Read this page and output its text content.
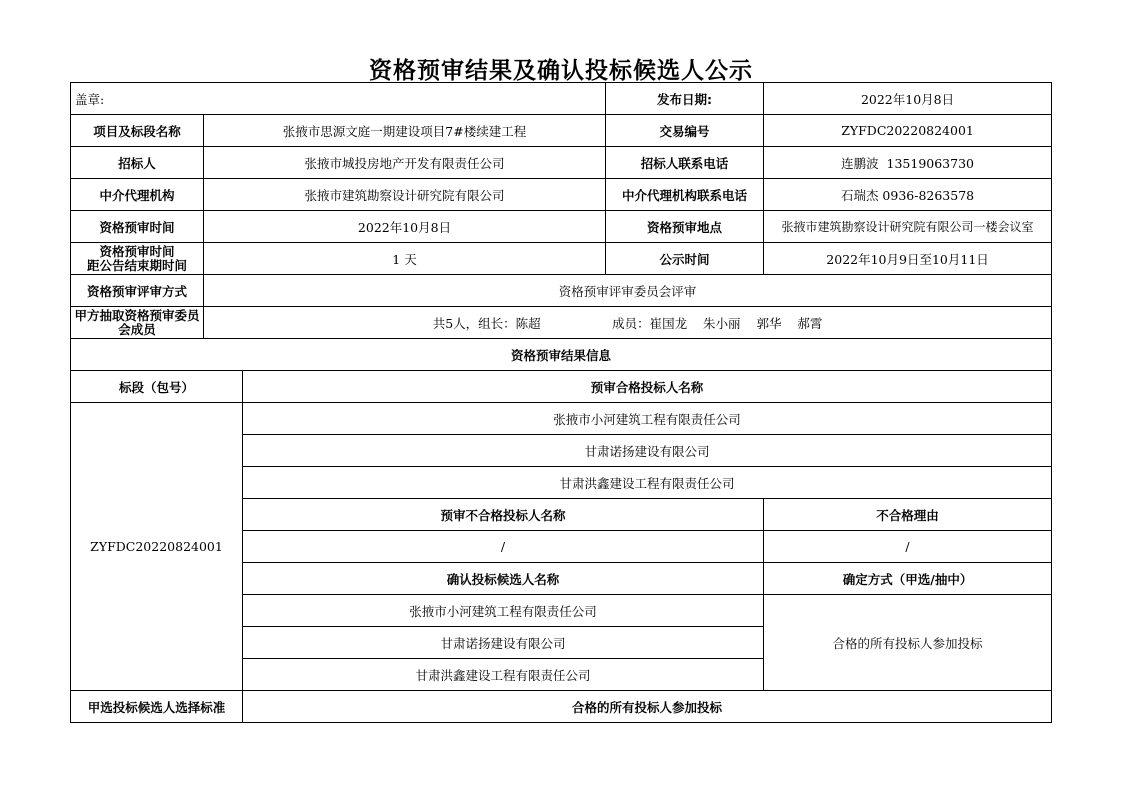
资格预审结果及确认投标候选人公示
盖章:			发布日期:	2022年10月8日
项目及标段名称	张掖市思源文庭一期建设项目7#楼续建工程		交易编号	ZYFDC20220824001
招标人	张掖市城投房地产开发有限责任公司		招标人联系电话	连鹏波  13519063730
中介代理机构	张掖市建筑勘察设计研究院有限公司		中介代理机构联系电话	石瑞杰 0936-8263578
资格预审时间	2022年10月8日		资格预审地点	张掖市建筑勘察设计研究院有限公司一楼会议室

资格预审时间
距公告结束期时间	1 天		公示时间	2022年10月9日至10月11日
资格预审评审方式	资格预审评审委员会评审			
甲方抽取资格预审委员会成员	共5人，组长：陈超                  成员：崔国龙    朱小丽    郭华    郝霄			
资格预审结果信息				
标段（包号）		预审合格投标人名称		
ZYFDC20220824001		张掖市小河建筑工程有限责任公司		
		甘肃诺扬建设有限公司		
		甘肃洪鑫建设工程有限责任公司		
		预审不合格投标人名称		不合格理由
		/		/
		确认投标候选人名称		确定方式（甲选/抽中）
		张掖市小河建筑工程有限责任公司		合格的所有投标人参加投标
		甘肃诺扬建设有限公司		
		甘肃洪鑫建设工程有限责任公司		
甲选投标候选人选择标准		合格的所有投标人参加投标		
